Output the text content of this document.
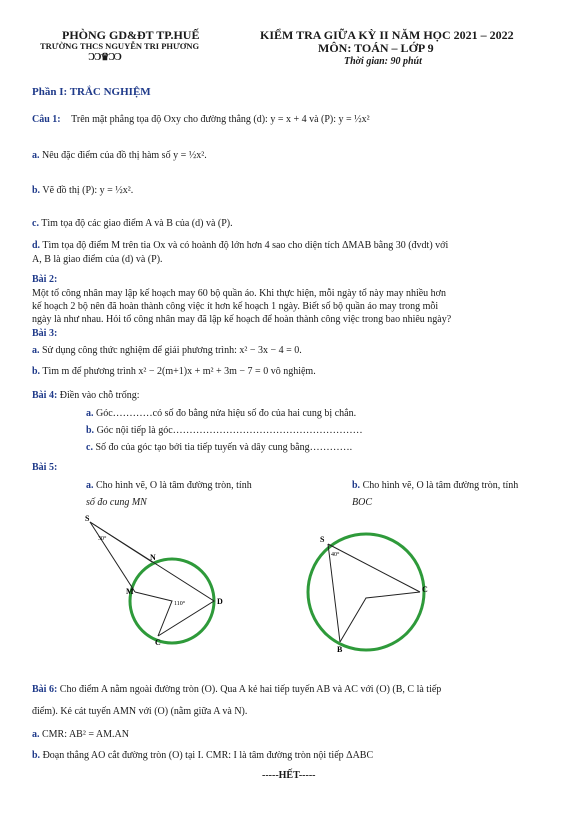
PHÒNG GD&ĐT TP.HUẾ
TRƯỜNG THCS NGUYỄN TRI PHƯƠNG
ƆƆ♛ƆƆ
KIỂM TRA GIỮA KỲ II NĂM HỌC 2021 – 2022
MÔN: TOÁN – LỚP 9
Thời gian: 90 phút
Phần I: TRẮC NGHIỆM
Câu 1: Trên mặt phẳng tọa độ Oxy cho đường thẳng (d): y = x + 4 và (P): y = ½x²
a. Nêu đặc điểm của đồ thị hàm số y = ½x².
b. Vẽ đồ thị (P): y = ½x².
c. Tìm tọa độ các giao điểm A và B của (d) và (P).
d. Tìm tọa độ điểm M trên tia Ox và có hoành độ lớn hơn 4 sao cho diện tích ΔMAB bằng 30 (đvdt) với
A, B là giao điểm của (d) và (P).
Bài 2:
Một tổ công nhân may lập kế hoạch may 60 bộ quần áo. Khi thực hiện, mỗi ngày tổ này may nhiều hơn
kế hoạch 2 bộ nên đã hoàn thành công việc ít hơn kế hoạch 1 ngày. Biết số bộ quần áo may trong mỗi
ngày là như nhau. Hỏi tổ công nhân may đã lập kế hoạch để hoàn thành công việc trong bao nhiêu ngày?
Bài 3:
a. Sử dụng công thức nghiệm để giải phương trình: x² − 3x − 4 = 0.
b. Tìm m để phương trình x² − 2(m+1)x + m² + 3m − 7 = 0 vô nghiệm.
Bài 4: Điền vào chỗ trống:
a. Góc…………có số đo bằng nửa hiệu số đo của hai cung bị chắn.
b. Góc nội tiếp là góc…………………………………………………
c. Số đo của góc tạo bởi tia tiếp tuyến và dây cung bằng………….
Bài 5:
a. Cho hình vẽ, O là tâm đường tròn, tính
số đo cung MN
b. Cho hình vẽ, O là tâm đường tròn, tính
BOC
S
N
M
D
C
30°
110°
S
C
B
40°
Bài 6: Cho điểm A nằm ngoài đường tròn (O). Qua A kẻ hai tiếp tuyến AB và AC với (O) (B, C là tiếp
điểm). Kẻ cát tuyến AMN với (O) (nằm giữa A và N).
a. CMR: AB² = AM.AN
b. Đoạn thẳng AO cắt đường tròn (O) tại I. CMR: I là tâm đường tròn nội tiếp ΔABC
-----HẾT-----
